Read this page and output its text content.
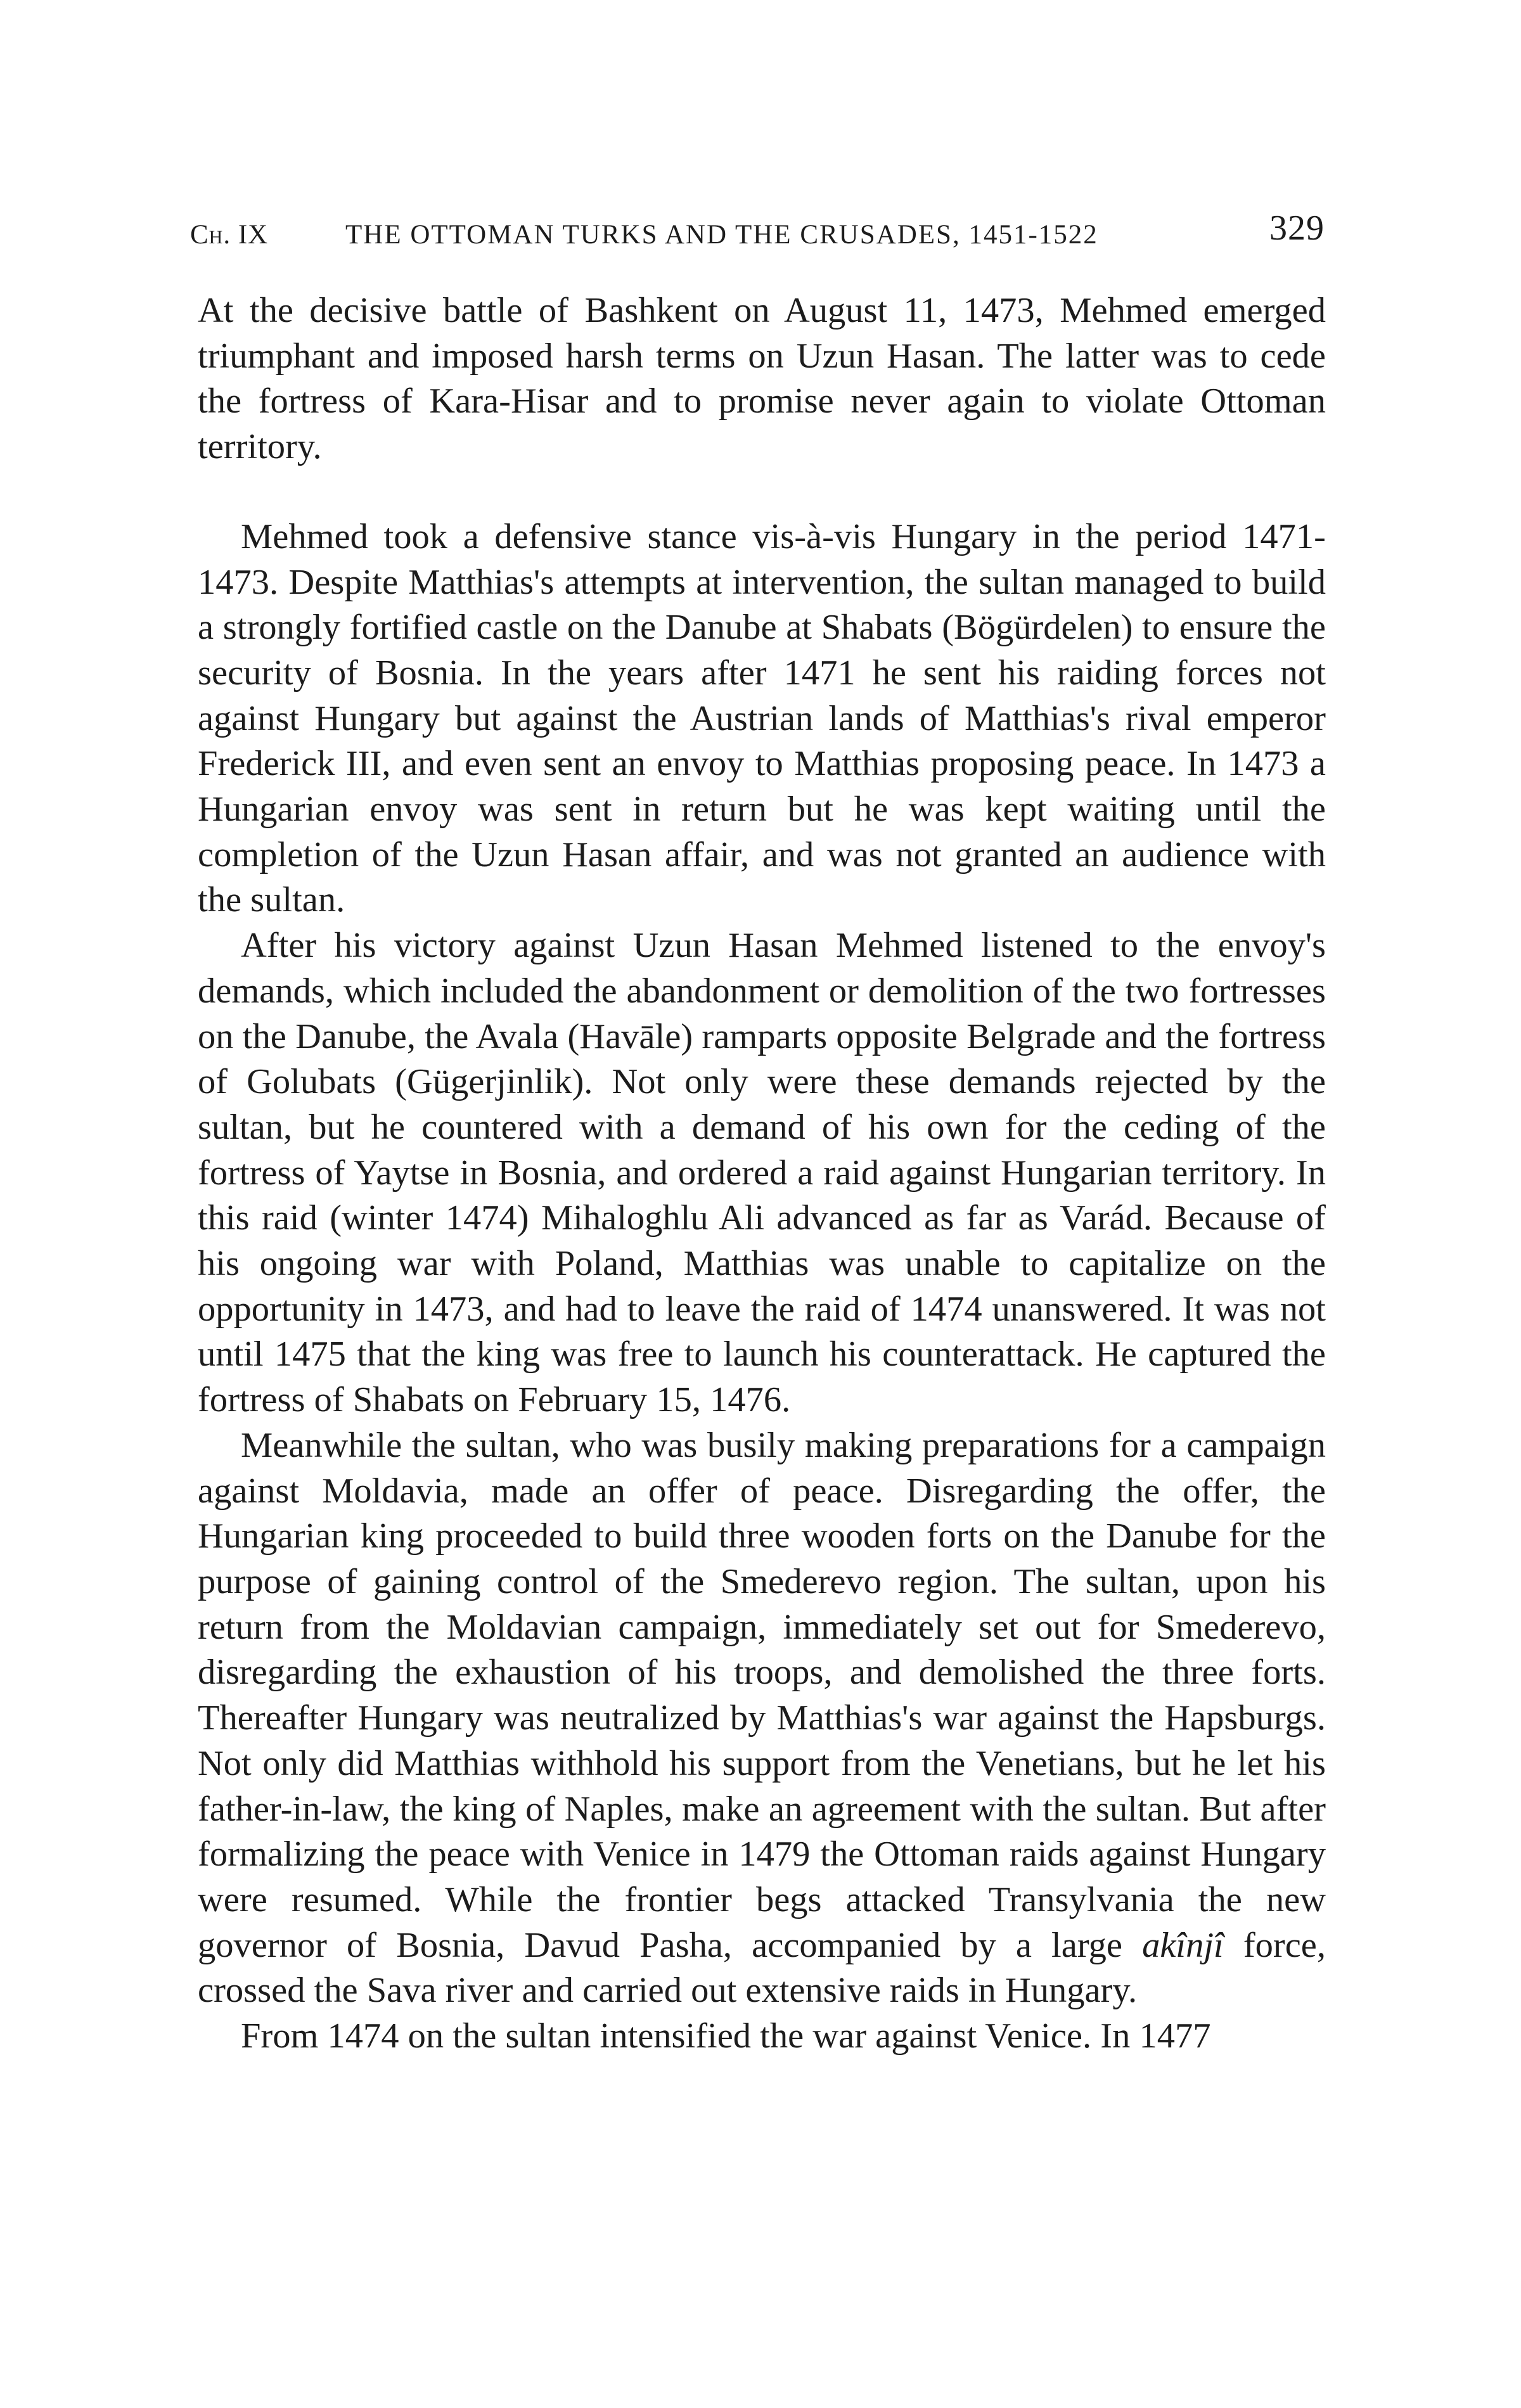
Ch. IX	THE OTTOMAN TURKS AND THE CRUSADES, 1451-1522	329

At the decisive battle of Bashkent on August 11, 1473, Mehmed emerged triumphant and imposed harsh terms on Uzun Hasan. The latter was to cede the fortress of Kara-Hisar and to promise never again to violate Ottoman territory.

Mehmed took a defensive stance vis-à-vis Hungary in the period 1471-1473. Despite Matthias's attempts at intervention, the sultan managed to build a strongly fortified castle on the Danube at Shabats (Bögürdelen) to ensure the security of Bosnia. In the years after 1471 he sent his raiding forces not against Hungary but against the Austrian lands of Matthias's rival emperor Frederick III, and even sent an envoy to Matthias proposing peace. In 1473 a Hungarian envoy was sent in return but he was kept waiting until the completion of the Uzun Hasan affair, and was not granted an audience with the sultan.

After his victory against Uzun Hasan Mehmed listened to the envoy's demands, which included the abandonment or demolition of the two fortresses on the Danube, the Avala (Havāle) ramparts opposite Belgrade and the fortress of Golubats (Gügerjinlik). Not only were these demands rejected by the sultan, but he countered with a demand of his own for the ceding of the fortress of Yaytse in Bosnia, and ordered a raid against Hungarian territory. In this raid (winter 1474) Mihaloghlu Ali advanced as far as Varád. Because of his ongoing war with Poland, Matthias was unable to capitalize on the opportunity in 1473, and had to leave the raid of 1474 unanswered. It was not until 1475 that the king was free to launch his counterattack. He captured the fortress of Shabats on February 15, 1476.

Meanwhile the sultan, who was busily making preparations for a campaign against Moldavia, made an offer of peace. Disregarding the offer, the Hungarian king proceeded to build three wooden forts on the Danube for the purpose of gaining control of the Smederevo region. The sultan, upon his return from the Moldavian campaign, immediately set out for Smederevo, disregarding the exhaustion of his troops, and demolished the three forts. Thereafter Hungary was neutralized by Matthias's war against the Hapsburgs. Not only did Matthias withhold his support from the Venetians, but he let his father-in-law, the king of Naples, make an agreement with the sultan. But after formalizing the peace with Venice in 1479 the Ottoman raids against Hungary were resumed. While the frontier begs attacked Transylvania the new governor of Bosnia, Davud Pasha, accompanied by a large akînjî force, crossed the Sava river and carried out extensive raids in Hungary.

From 1474 on the sultan intensified the war against Venice. In 1477
